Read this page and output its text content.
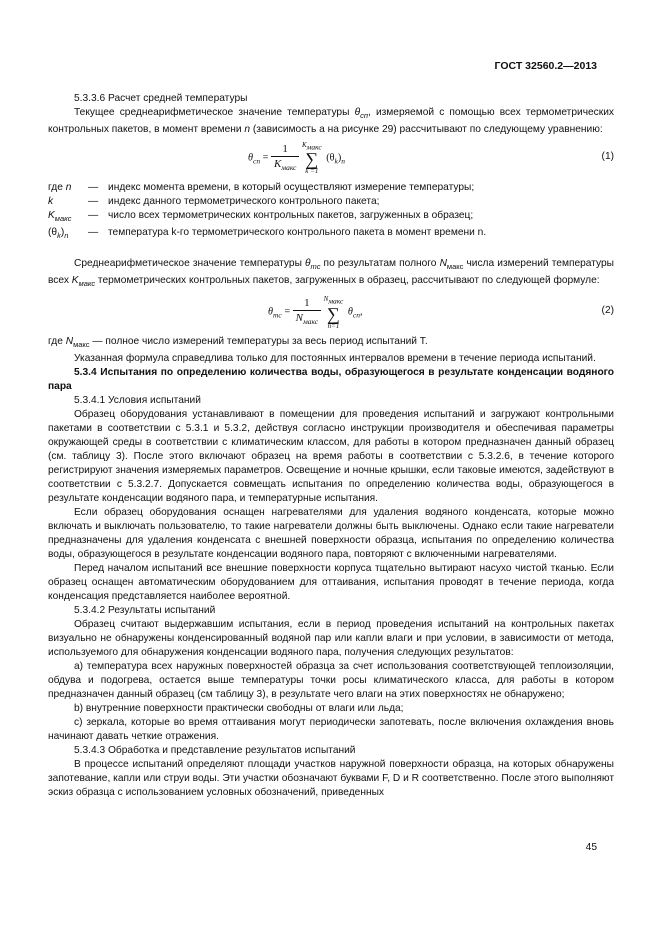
ГОСТ 32560.2—2013

5.3.3.6 Расчет средней температуры

Текущее среднеарифметическое значение температуры $\theta_{сп}$, измеряемой с помощью всех термометрических контрольных пакетов, в момент времени n (зависимость а на рисунке 29) рассчитывают по следующему уравнению:

$\theta_{сп} = \frac{1}{K_{макс}}$
$K_{макс}$
∑
k =1
$(\theta_k)_n$	(1)
где n	— индекс момента времени, в который осуществляют измерение температуры;
k	— индекс данного термометрического контрольного пакета;
$K_{макс}$	— число всех термометрических контрольных пакетов, загруженных в образец;
$(\theta_k)_n$	— температура k-го термометрического контрольного пакета в момент времени n.

Среднеарифметическое значение температуры $\theta_{тс}$ по результатам полного $N_{макс}$ числа измерений температуры всех $K_{макс}$ термометрических контрольных пакетов, загруженных в образец, рассчитывают по следующей формуле:

$\theta_{тс} = \frac{1}{N_{макс}}$
$N_{макс}$
∑
n=1
$\theta_{сп}$,	(2)

где $N_{макс}$ — полное число измерений температуры за весь период испытаний Т.

Указанная формула справедлива только для постоянных интервалов времени в течение периода испытаний.

5.3.4 Испытания по определению количества воды, образующегося в результате конденсации водяного пара

5.3.4.1 Условия испытаний

Образец оборудования устанавливают в помещении для проведения испытаний и загружают контрольными пакетами в соответствии с 5.3.1 и 5.3.2, действуя согласно инструкции производителя и обеспечивая параметры окружающей среды в соответствии с климатическим классом, для работы в котором предназначен данный образец (см. таблицу 3). После этого включают образец на время работы в соответствии с 5.3.2.6, в течение которого регистрируют значения измеряемых параметров. Освещение и ночные крышки, если таковые имеются, задействуют в соответствии с 5.3.2.7. Допускается совмещать испытания по определению количества воды, образующегося в результате конденсации водяного пара, и температурные испытания.

Если образец оборудования оснащен нагревателями для удаления водяного конденсата, которые можно включать и выключать пользователю, то такие нагреватели должны быть выключены. Однако если такие нагреватели предназначены для удаления конденсата с внешней поверхности образца, испытания по определению количества воды, образующегося в результате конденсации водяного пара, повторяют с включенными нагревателями.

Перед началом испытаний все внешние поверхности корпуса тщательно вытирают насухо чистой тканью. Если образец оснащен автоматическим оборудованием для оттаивания, испытания проводят в течение периода, когда конденсация представляется наиболее вероятной.

5.3.4.2 Результаты испытаний

Образец считают выдержавшим испытания, если в период проведения испытаний на контрольных пакетах визуально не обнаружены конденсированный водяной пар или капли влаги и при условии, в зависимости от метода, используемого для обнаружения конденсации водяного пара, получения следующих результатов:

а) температура всех наружных поверхностей образца за счет использования соответствующей теплоизоляции, обдува и подогрева, остается выше температуры точки росы климатического класса, для работы в котором предназначен данный образец (см таблицу 3), в результате чего влаги на этих поверхностях не обнаружено;

b) внутренние поверхности практически свободны от влаги или льда;

c) зеркала, которые во время оттаивания могут периодически запотевать, после включения охлаждения вновь начинают давать четкие отражения.

5.3.4.3 Обработка и представление результатов испытаний

В процессе испытаний определяют площади участков наружной поверхности образца, на которых обнаружены запотевание, капли или струи воды. Эти участки обозначают буквами F, D и R соответственно. После этого выполняют эскиз образца с использованием условных обозначений, приведенных

45
